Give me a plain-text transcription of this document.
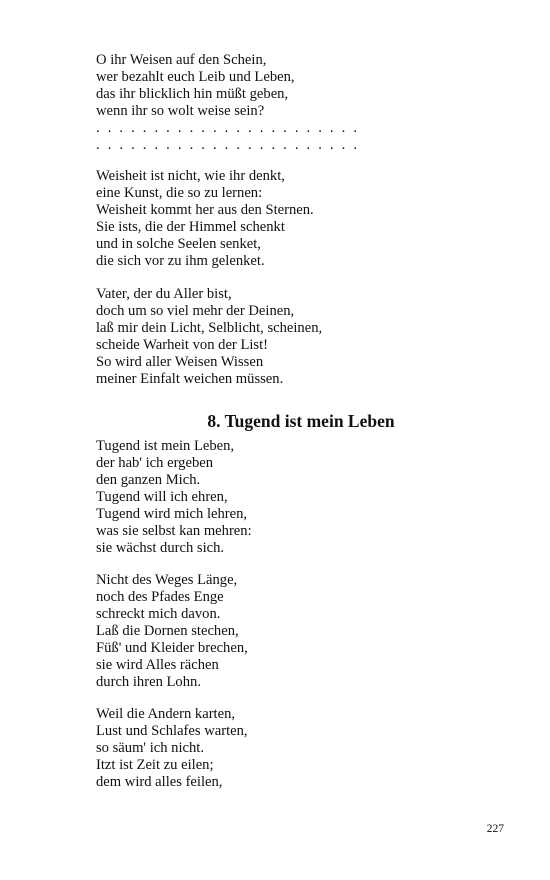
O ihr Weisen auf den Schein,
wer bezahlt euch Leib und Leben,
das ihr blicklich hin müßt geben,
wenn ihr so wolt weise sein?
. . . . . . . . . . . . . . . . . . . . . . .
. . . . . . . . . . . . . . . . . . . . . . .
Weisheit ist nicht, wie ihr denkt,
eine Kunst, die so zu lernen:
Weisheit kommt her aus den Sternen.
Sie ists, die der Himmel schenkt
und in solche Seelen senket,
die sich vor zu ihm gelenket.
Vater, der du Aller bist,
doch um so viel mehr der Deinen,
laß mir dein Licht, Selblicht, scheinen,
scheide Warheit von der List!
So wird aller Weisen Wissen
meiner Einfalt weichen müssen.
8. Tugend ist mein Leben
Tugend ist mein Leben,
der hab' ich ergeben
den ganzen Mich.
Tugend will ich ehren,
Tugend wird mich lehren,
was sie selbst kan mehren:
sie wächst durch sich.
Nicht des Weges Länge,
noch des Pfades Enge
schreckt mich davon.
Laß die Dornen stechen,
Füß' und Kleider brechen,
sie wird Alles rächen
durch ihren Lohn.
Weil die Andern karten,
Lust und Schlafes warten,
so säum' ich nicht.
Itzt ist Zeit zu eilen;
dem wird alles feilen,
227
